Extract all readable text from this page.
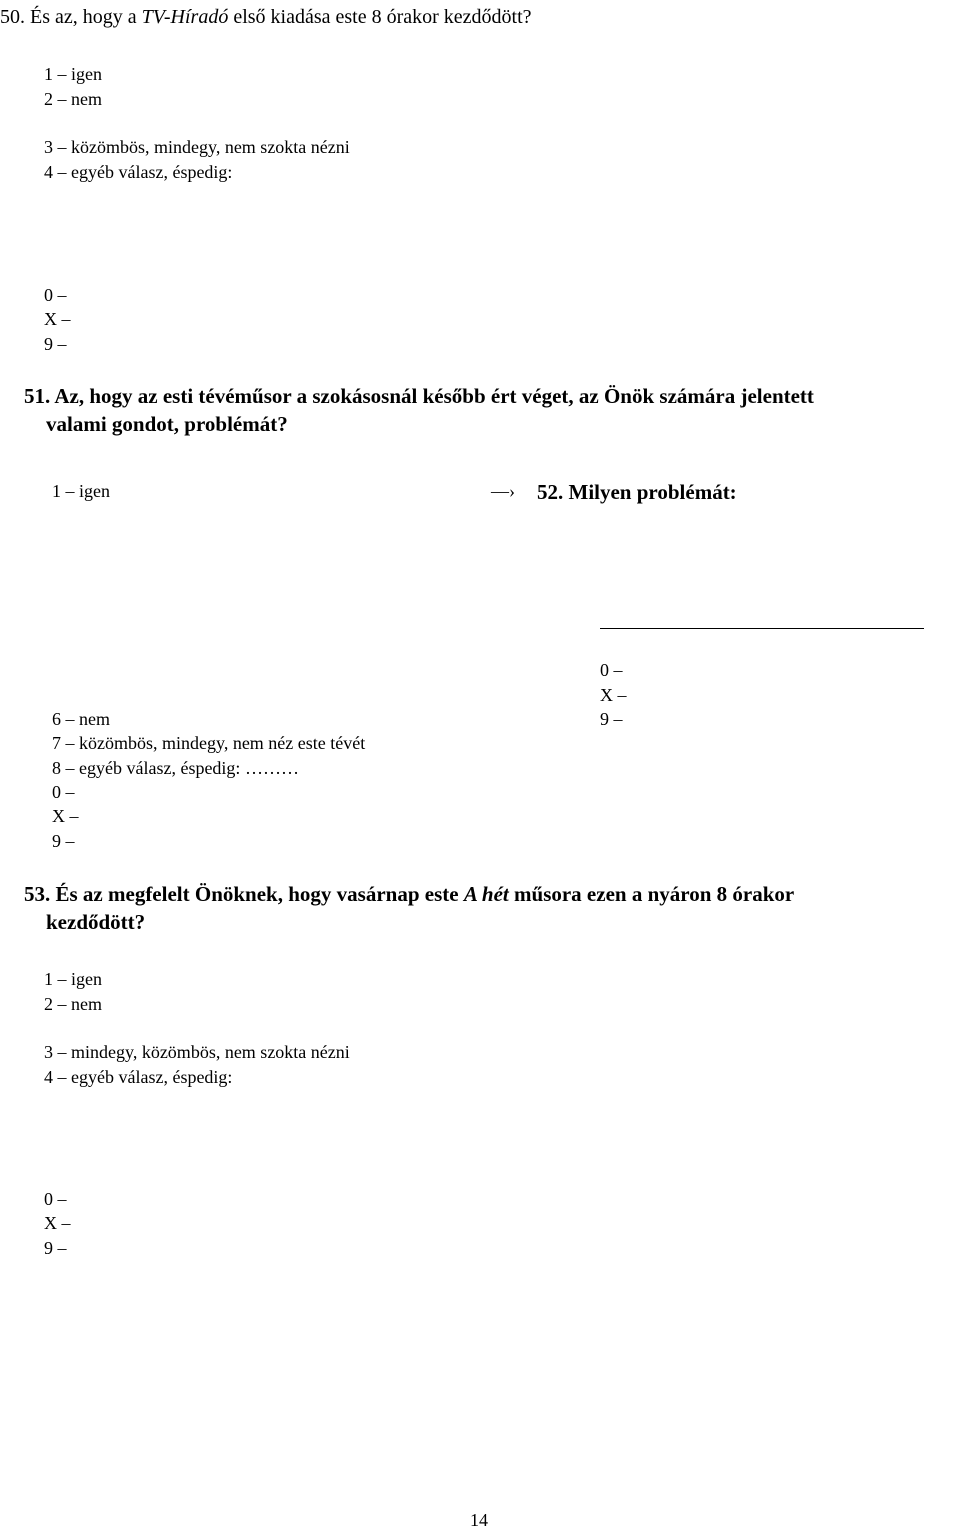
50. És az, hogy a TV-Híradó első kiadása este 8 órakor kezdődött?
1 – igen
2 – nem
3 – közömbös, mindegy, nem szokta nézni
4 – egyéb válasz, éspedig:
0 –
X –
9 –
51. Az, hogy az esti tévéműsor a szokásosnál később ért véget, az Önök számára jelentett
valami gondot, problémát?
1 – igen	—› 52. Milyen problémát:
0 –
X –
9 –
6 – nem
7 – közömbös, mindegy, nem néz este tévét
8 – egyéb válasz, éspedig: ………
0 –
X –
9 –
53. És az megfelelt Önöknek, hogy vasárnap este A hét műsora ezen a nyáron 8 órakor
kezdődött?
1 – igen
2 – nem
3 – mindegy, közömbös, nem szokta nézni
4 – egyéb válasz, éspedig:
0 –
X –
9 –
14
